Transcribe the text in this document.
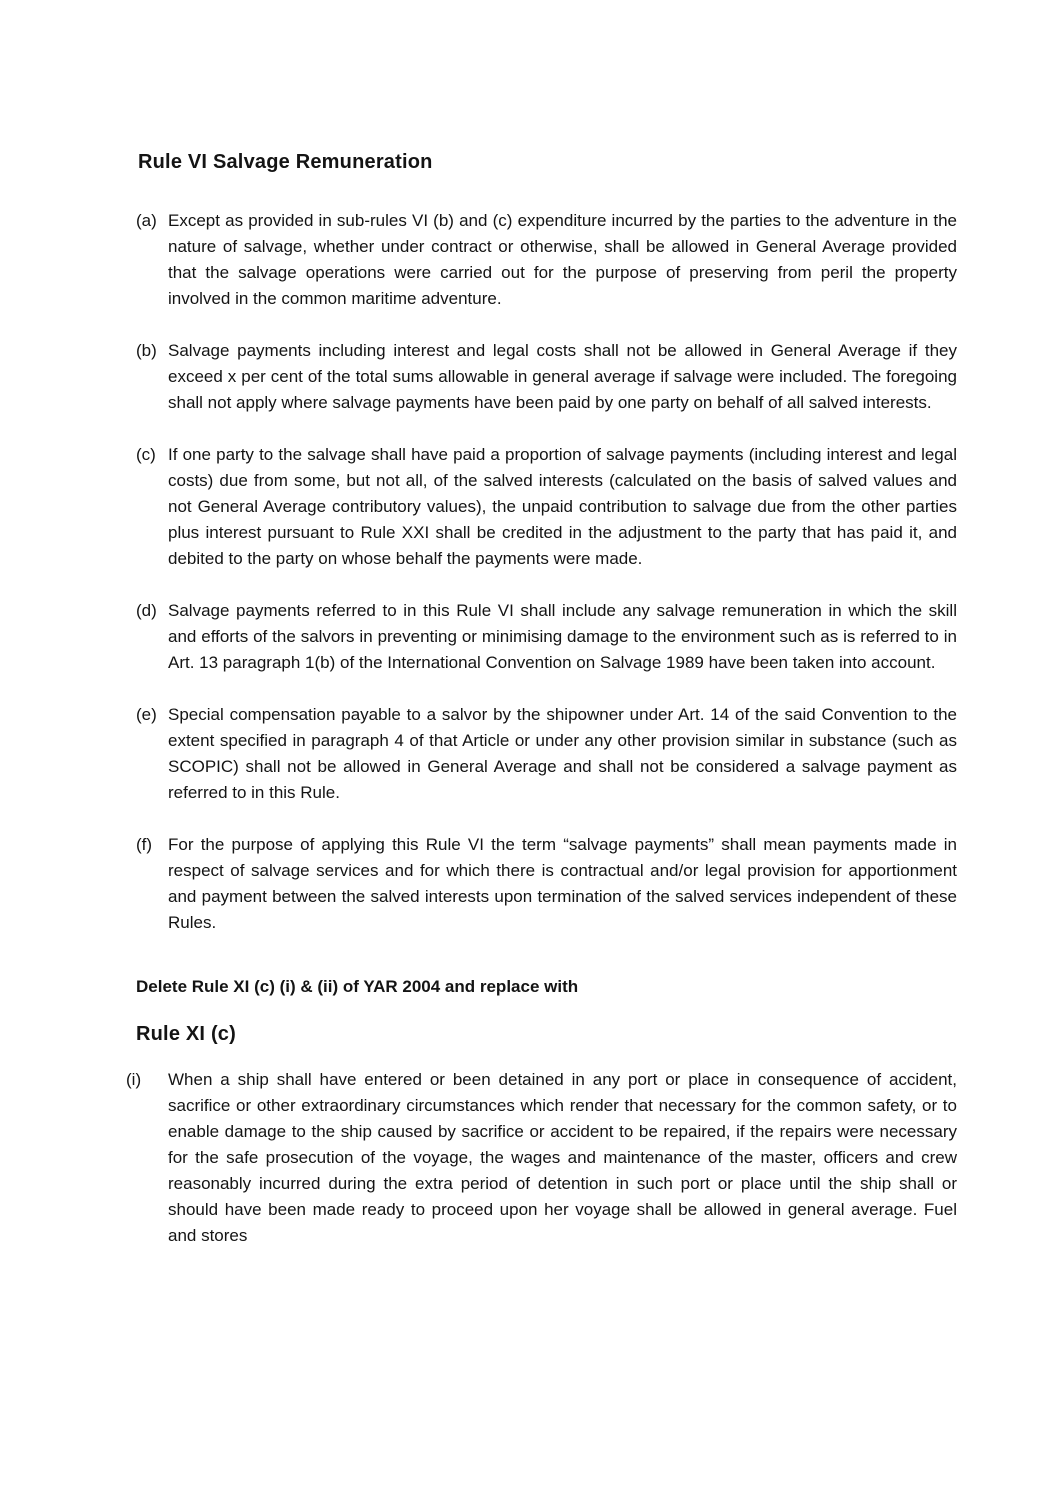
Rule VI Salvage Remuneration
(a) Except as provided in sub-rules VI (b) and (c) expenditure incurred by the parties to the adventure in the nature of salvage, whether under contract or otherwise, shall be allowed in General Average provided that the salvage operations were carried out for the purpose of preserving from peril the property involved in the common maritime adventure.
(b) Salvage payments including interest and legal costs shall not be allowed in General Average if they exceed x per cent of the total sums allowable in general average if salvage were included. The foregoing shall not apply where salvage payments have been paid by one party on behalf of all salved interests.
(c) If one party to the salvage shall have paid a proportion of salvage payments (including interest and legal costs) due from some, but not all, of the salved interests (calculated on the basis of salved values and not General Average contributory values), the unpaid contribution to salvage due from the other parties plus interest pursuant to Rule XXI shall be credited in the adjustment to the party that has paid it, and debited to the party on whose behalf the payments were made.
(d) Salvage payments referred to in this Rule VI shall include any salvage remuneration in which the skill and efforts of the salvors in preventing or minimising damage to the environment such as is referred to in Art. 13 paragraph 1(b) of the International Convention on Salvage 1989 have been taken into account.
(e) Special compensation payable to a salvor by the shipowner under Art. 14 of the said Convention to the extent specified in paragraph 4 of that Article or under any other provision similar in substance (such as SCOPIC) shall not be allowed in General Average and shall not be considered a salvage payment as referred to in this Rule.
(f) For the purpose of applying this Rule VI the term “salvage payments” shall mean payments made in respect of salvage services and for which there is contractual and/or legal provision for apportionment and payment between the salved interests upon termination of the salved services independent of these Rules.
Delete Rule XI (c) (i) & (ii) of YAR 2004 and replace with
Rule XI (c)
(i)	When a ship shall have entered or been detained in any port or place in consequence of accident, sacrifice or other extraordinary circumstances which render that necessary for the common safety, or to enable damage to the ship caused by sacrifice or accident to be repaired, if the repairs were necessary for the safe prosecution of the voyage, the wages and maintenance of the master, officers and crew reasonably incurred during the extra period of detention in such port or place until the ship shall or should have been made ready to proceed upon her voyage shall be allowed in general average. Fuel and stores
